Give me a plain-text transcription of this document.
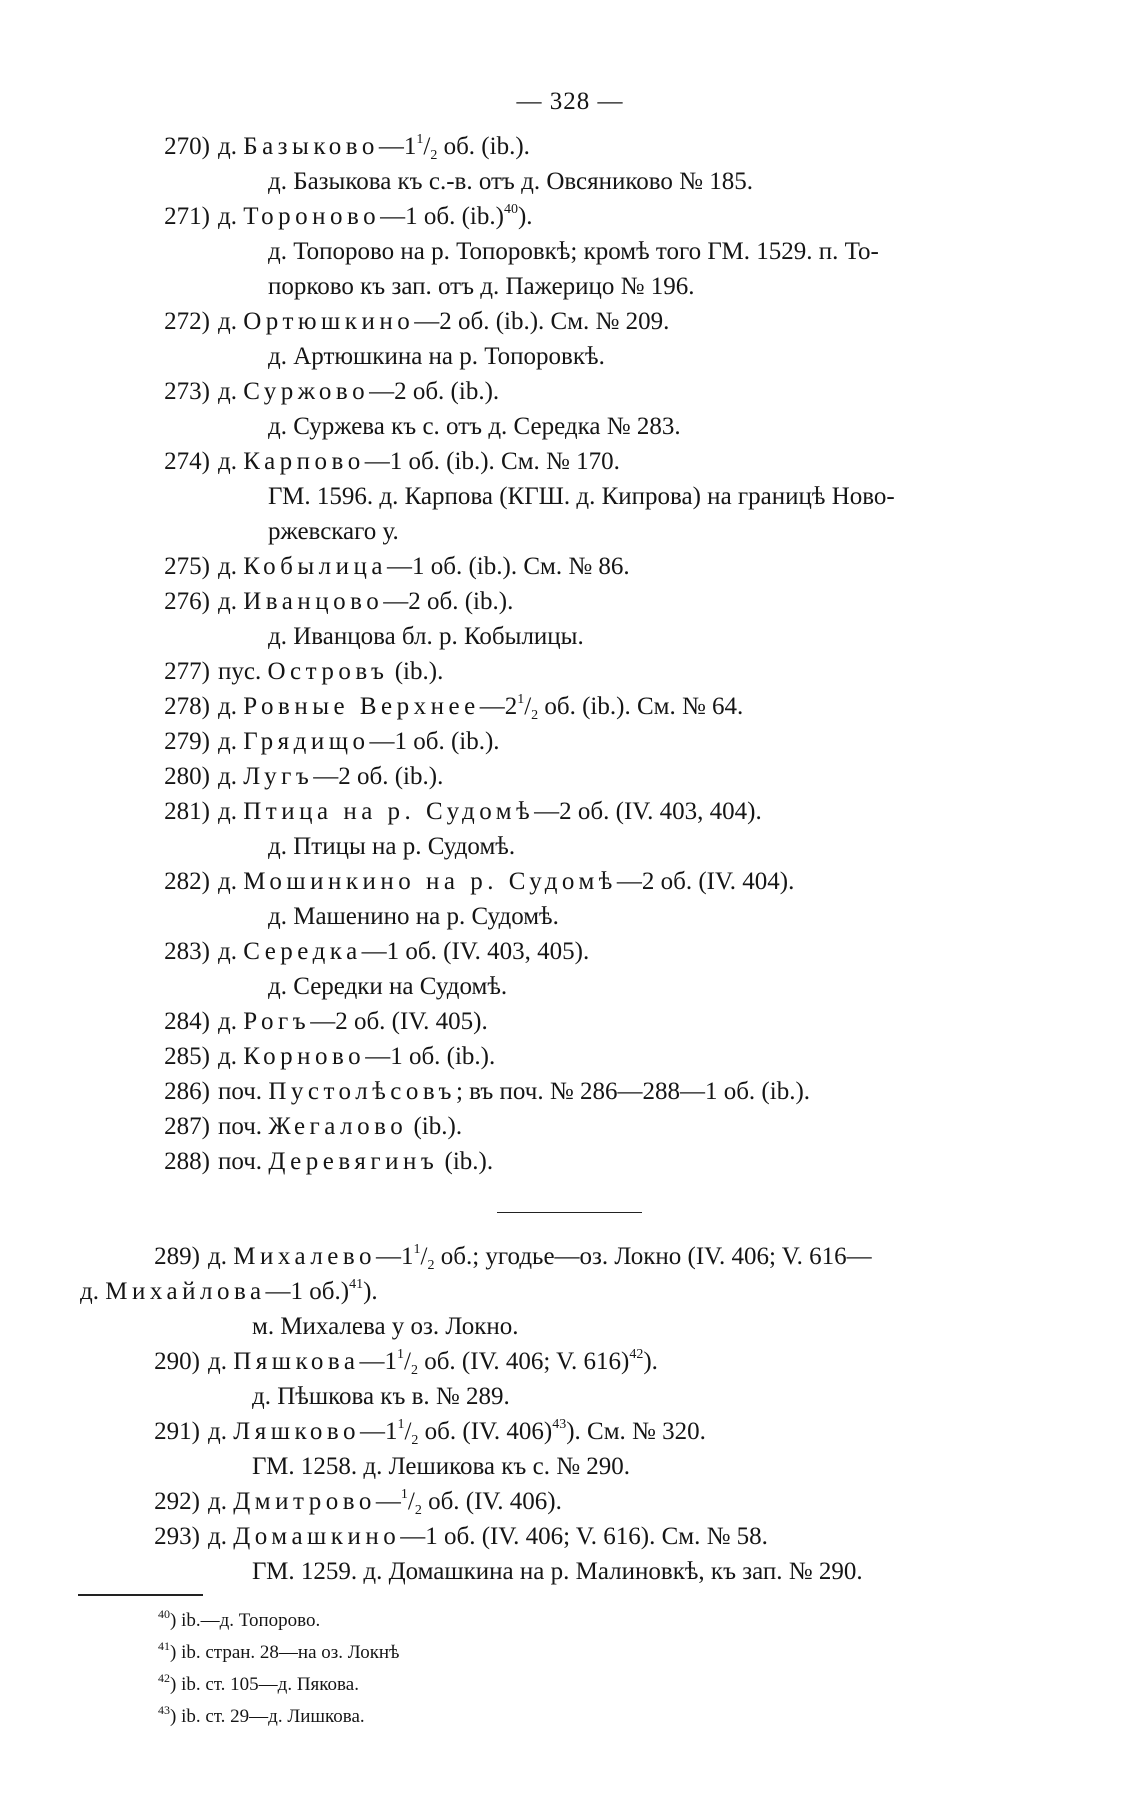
— 328 —
270) д. $Базыково—1^1/_2$ об. (ib.).
д. Базыкова къ с.-в. отъ д. Овсяниково № 185.
271) д. Тороново—1 об. $(ib.)^{40}$).
д. Топорово на р. Топоровкѣ; кромѣ того ГМ. 1529. п. То-
порково къ зап. отъ д. Пажерицо № 196.
272) д. Ортюшкино—2 об. (ib.). См. № 209.
д. Артюшкина на р. Топоровкѣ.
273) д. Суржово—2 об. (ib.).
д. Суржева къ с. отъ д. Середка № 283.
274) д. Карпово—1 об. (ib.). См. № 170.
ГМ. 1596. д. Карпова (КГШ. д. Кипрова) на границѣ Ново-
ржевскаго у.
275) д. Кобылица—1 об. (ib.). См. № 86.
276) д. Иванцово—2 об. (ib.).
д. Иванцова бл. р. Кобылицы.
277) пус. Островъ (ib.).
278) д. Ровные $Верхнее—2^1/_2$ об. (ib.). См. № 64.
279) д. Грядищо—1 об. (ib.).
280) д. Лугъ—2 об. (ib.).
281) д. Птица на р. Судомѣ—2 об. (IV. 403, 404).
д. Птицы на р. Судомѣ.
282) д. Мошинкино на р. Судомѣ—2 об. (IV. 404).
д. Машенино на р. Судомѣ.
283) д. Середка—1 об. (IV. 403, 405).
д. Середки на Судомѣ.
284) д. Рогъ—2 об. (IV. 405).
285) д. Корново—1 об. (ib.).
286) поч. Пустолѣсовъ; въ поч. № 286—288—1 об. (ib.).
287) поч. Жегалово (ib.).
288) поч. Деревягинъ (ib.).
289) д. $Михалево—1^1/_2$ об.; угодье—оз. Локно (IV. 406; V. 616—
д. Михайлова—1 об.)$^{41}$).
м. Михалева у оз. Локно.
290) д. $Пяшкова—1^1/_2$ об. (IV. 406; V. 616)$^{42}$).
д. Пѣшкова къ в. № 289.
291) д. $Ляшково—1^1/_2$ об. (IV. 406)$^{43}$). См. № 320.
ГМ. 1258. д. Лешикова къ с. № 290.
292) д. $Дмитрово—^1/_2$ об. (IV. 406).
293) д. Домашкино—1 об. (IV. 406; V. 616). См. № 58.
ГМ. 1259. д. Домашкина на р. Малиновкѣ, къ зап. № 290.
$^{40}$) ib.—д. Топорово.
$^{41}$) ib. стран. 28—на оз. Локнѣ
$^{42}$) ib. ст. 105—д. Пякова.
$^{43}$) ib. ст. 29—д. Лишкова.
